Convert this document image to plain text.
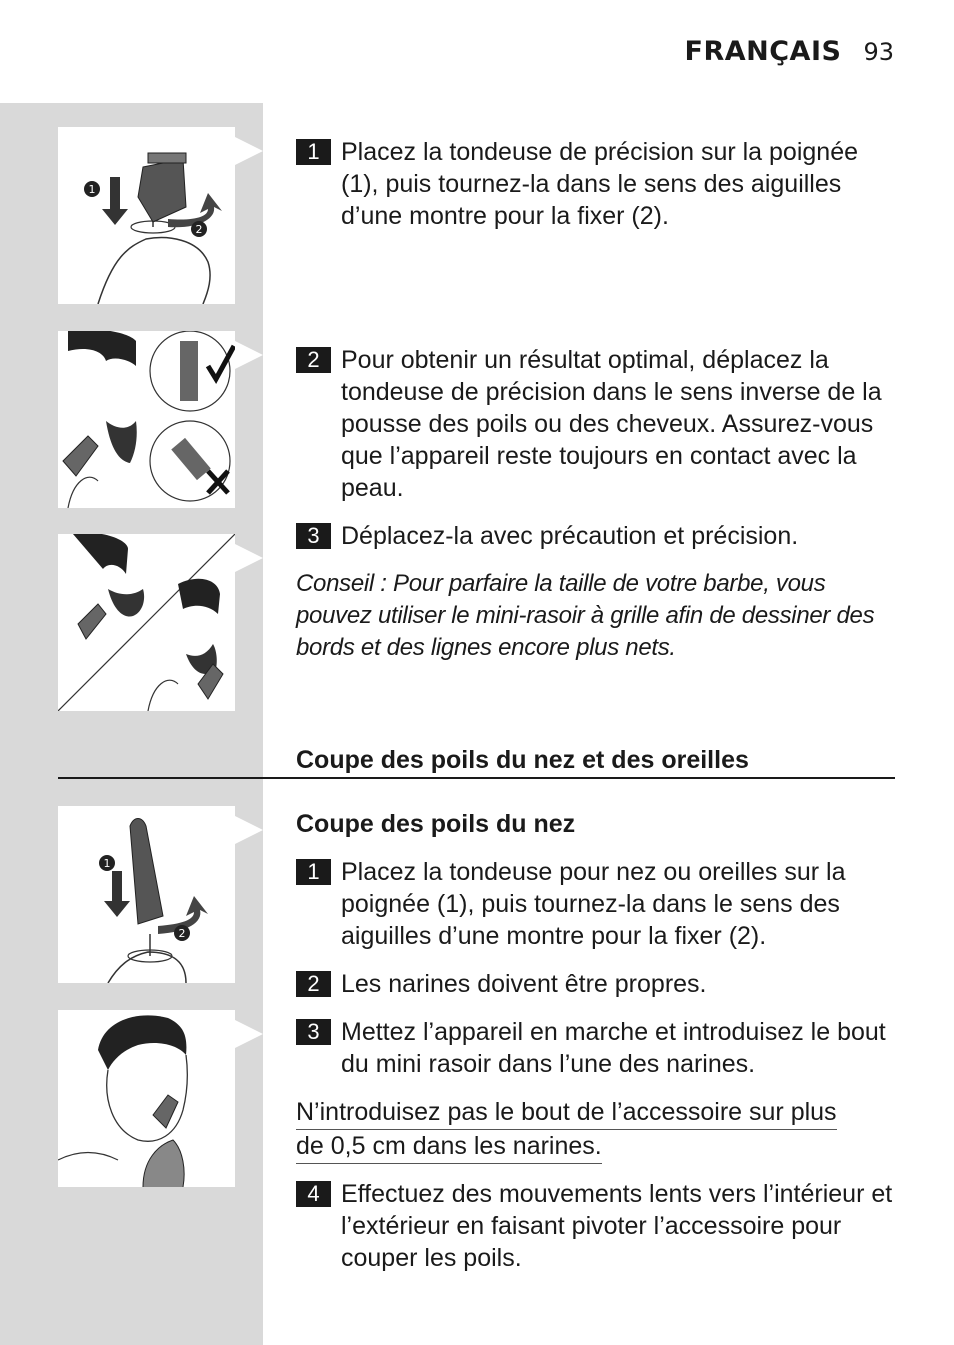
FRANÇAIS 93
1
2
1
2
1 Placez la tondeuse de précision sur la poignée (1), puis tournez-la dans le sens des aiguilles d’une montre pour la fixer (2).
2 Pour obtenir un résultat optimal, déplacez la tondeuse de précision dans le sens inverse de la pousse des poils ou des cheveux. Assurez-vous que l’appareil reste toujours en contact avec la peau.
3 Déplacez-la avec précaution et précision.
Conseil : Pour parfaire la taille de votre barbe, vous pouvez utiliser le mini-rasoir à grille afin de dessiner des bords et des lignes encore plus nets.
Coupe des poils du nez et des oreilles
Coupe des poils du nez
1 Placez la tondeuse pour nez ou oreilles sur la poignée (1), puis tournez-la dans le sens des aiguilles d’une montre pour la fixer (2).
2 Les narines doivent être propres.
3 Mettez l’appareil en marche et introduisez le bout du mini rasoir dans l’une des narines.
N’introduisez pas le bout de l’accessoire sur plus
de 0,5 cm dans les narines.
4 Effectuez des mouvements lents vers l’intérieur et l’extérieur en faisant pivoter l’accessoire pour couper les poils.
